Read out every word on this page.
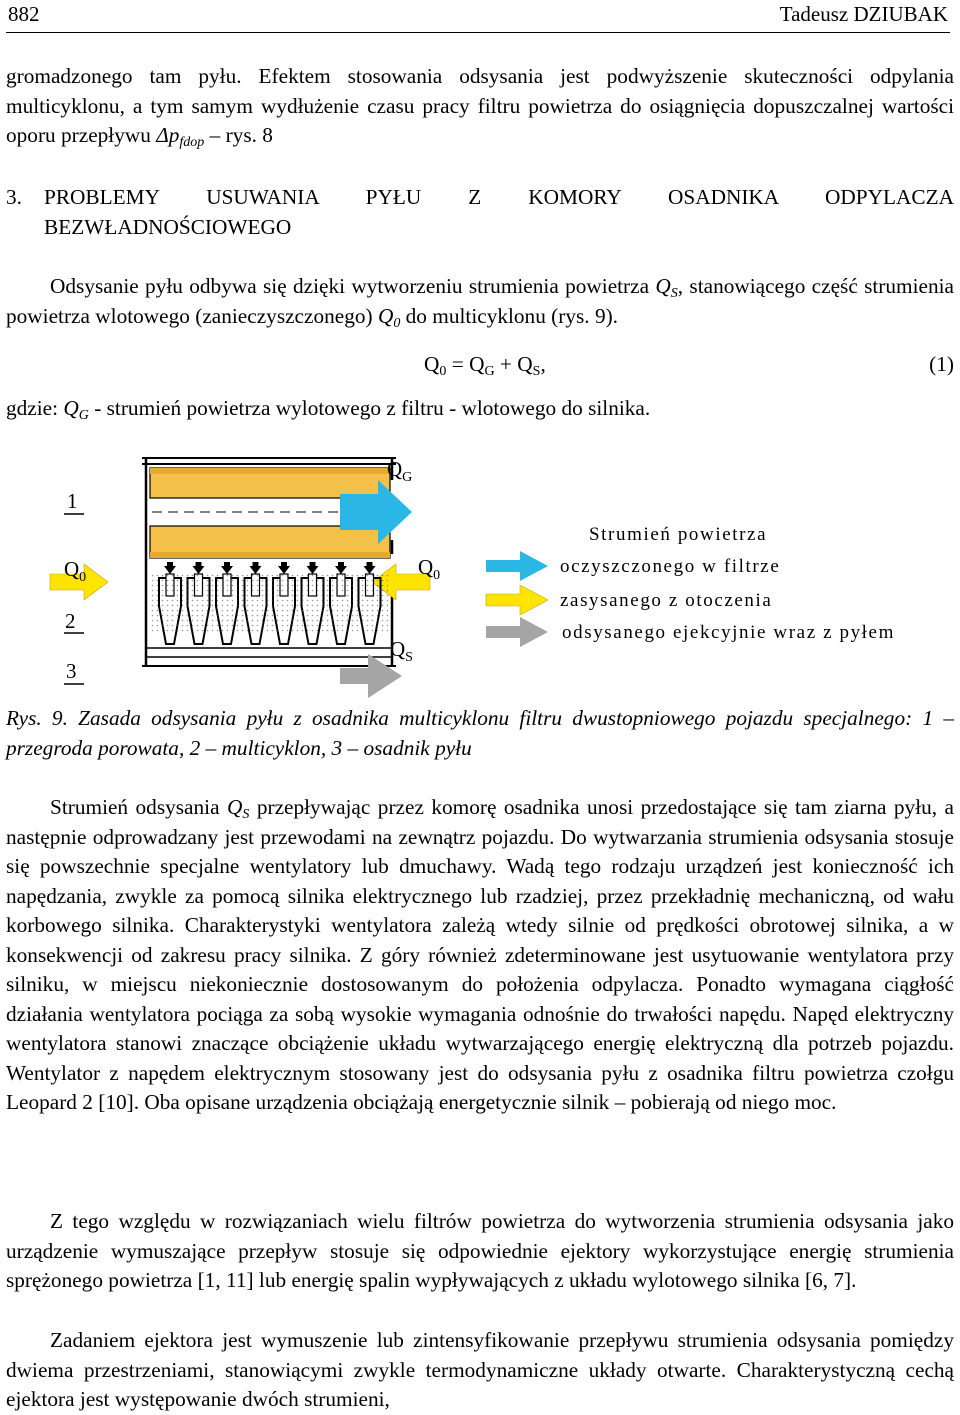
882	Tadeusz DZIUBAK

gromadzonego tam pyłu. Efektem stosowania odsysania jest podwyższenie skuteczności odpylania multicyklonu, a tym samym wydłużenie czasu pracy filtru powietrza do osiągnięcia dopuszczalnej wartości oporu przepływu $\Delta p_{fdop}$ – rys. 8

3. PROBLEMY USUWANIA PYŁU Z KOMORY OSADNIKA ODPYLACZA BEZWŁADNOŚCIOWEGO

Odsysanie pyłu odbywa się dzięki wytworzeniu strumienia powietrza $Q_S$, stanowiącego część strumienia powietrza wlotowego (zanieczyszczonego) $Q_0$ do multicyklonu (rys. 9).

$Q_0 = Q_G + Q_S$,	(1)

gdzie: $Q_G$ - strumień powietrza wylotowego z filtru - wlotowego do silnika.

1
2
3
$Q_0$	$Q_0$
$Q_G$
$Q_S$
Strumień powietrza
oczyszczonego w filtrze
zasysanego z otoczenia
odsysanego ejekcyjnie wraz z pyłem

Rys. 9. Zasada odsysania pyłu z osadnika multicyklonu filtru dwustopniowego pojazdu specjalnego: 1 – przegroda porowata, 2 – multicyklon, 3 – osadnik pyłu

Strumień odsysania $Q_S$ przepływając przez komorę osadnika unosi przedostające się tam ziarna pyłu, a następnie odprowadzany jest przewodami na zewnątrz pojazdu. Do wytwarzania strumienia odsysania stosuje się powszechnie specjalne wentylatory lub dmuchawy. Wadą tego rodzaju urządzeń jest konieczność ich napędzania, zwykle za pomocą silnika elektrycznego lub rzadziej, przez przekładnię mechaniczną, od wału korbowego silnika. Charakterystyki wentylatora zależą wtedy silnie od prędkości obrotowej silnika, a w konsekwencji od zakresu pracy silnika. Z góry również zdeterminowane jest usytuowanie wentylatora przy silniku, w miejscu niekoniecznie dostosowanym do położenia odpylacza. Ponadto wymagana ciągłość działania wentylatora pociąga za sobą wysokie wymagania odnośnie do trwałości napędu. Napęd elektryczny wentylatora stanowi znaczące obciążenie układu wytwarzającego energię elektryczną dla potrzeb pojazdu. Wentylator z napędem elektrycznym stosowany jest do odsysania pyłu z osadnika filtru powietrza czołgu Leopard 2 [10]. Oba opisane urządzenia obciążają energetycznie silnik – pobierają od niego moc.

Z tego względu w rozwiązaniach wielu filtrów powietrza do wytworzenia strumienia odsysania jako urządzenie wymuszające przepływ stosuje się odpowiednie ejektory wykorzystujące energię strumienia sprężonego powietrza [1, 11] lub energię spalin wypływających z układu wylotowego silnika [6, 7].

Zadaniem ejektora jest wymuszenie lub zintensyfikowanie przepływu strumienia odsysania pomiędzy dwiema przestrzeniami, stanowiącymi zwykle termodynamiczne układy otwarte. Charakterystyczną cechą ejektora jest występowanie dwóch strumieni,
